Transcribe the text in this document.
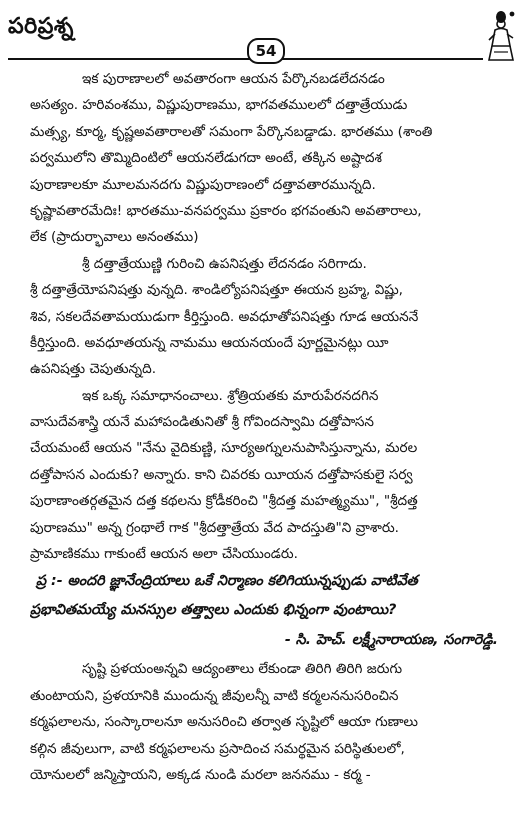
పరిప్రశ్న
54
ఇక పురాణాలలో అవతారంగా ఆయన పేర్కొనబడలేదనడం
అసత్యం. హరివంశము, విష్ణుపురాణము, భాగవతములలో దత్తాత్రేయుడు
మత్స్య, కూర్మ, కృష్ణఅవతారాలతో సమంగా పేర్కొనబడ్డాడు. భారతము (శాంతి
పర్వములోని తొమ్మిదింటిలో ఆయనలేడుగదా అంటే, తక్కిన అష్టాదశ
పురాణాలకూ మూలమనదగు విష్ణుపురాణంలో దత్తావతారమున్నది.
కృష్ణావతారమేదిః! భారతము-వనపర్వము ప్రకారం భగవంతుని అవతారాలు,
లేక (ప్రాదుర్భావాలు అనంతము)
శ్రీ దత్తాత్రేయుణ్ణి గురించి ఉపనిషత్తు లేదనడం సరిగాదు.
శ్రీ దత్తాత్రేయోపనిషత్తు వున్నది. శాండిల్యోపనిషత్తూ ఈయన బ్రహ్మ, విష్ణు,
శివ, సకలదేవతామయుడుగా కీర్తిస్తుంది. అవధూతోపనిషత్తు గూడ ఆయననే
కీర్తిస్తుంది. అవధూతయన్న నామము ఆయనయందే పూర్ణమైనట్లు యీ
ఉపనిషత్తు చెపుతున్నది.
ఇక ఒక్క సమాధానంచాలు. శ్రోత్రియతకు మారుపేరనదగిన
వాసుదేవశాస్త్రి యనే మహాపండితునితో శ్రీ గోవిందస్వామి దత్తోపాసన
చేయమంటే ఆయన "నేను వైదికుణ్ణి, సూర్యఅగ్నులనుపాసిస్తున్నాను, మరల
దత్తోపాసన ఎందుకు? అన్నారు. కాని చివరకు యీయన దత్తోపాసకులై సర్వ
పురాణాంతర్గతమైన దత్త కథలను క్రోడీకరించి "శ్రీదత్త మహత్మ్యము", "శ్రీదత్త
పురాణము" అన్న గ్రంథాలే గాక "శ్రీదత్తాత్రేయ వేద పాదస్తుతి"ని వ్రాశారు.
ప్రామాణికము గాకుంటే ఆయన అలా చేసియుండరు.
ప్ర :- అందరి జ్ఞానేంద్రియాలు ఒకే నిర్మాణం కలిగియున్నప్పుడు వాటివేత
ప్రభావితమయ్యే మనస్సుల తత్త్వాలు ఎందుకు భిన్నంగా వుంటాయి?
- సి. హెచ్. లక్ష్మీనారాయణ, సంగారెడ్డి.
సృష్టి ప్రళయంఅన్నవి ఆద్యంతాలు లేకుండా తిరిగి తిరిగి జరుగు
తుంటాయని, ప్రళయానికి ముందున్న జీవులన్నీ వాటి కర్మలననుసరించిన
కర్మఫలాలను, సంస్కారాలనూ అనుసరించి తర్వాత సృష్టిలో ఆయా గుణాలు
కల్గిన జీవులుగా, వాటి కర్మఫలాలను ప్రసాదించ సమర్థమైన పరిస్థితులలో,
యోనులలో జన్మిస్తాయని, అక్కడ నుండి మరలా జననము - కర్మ -
